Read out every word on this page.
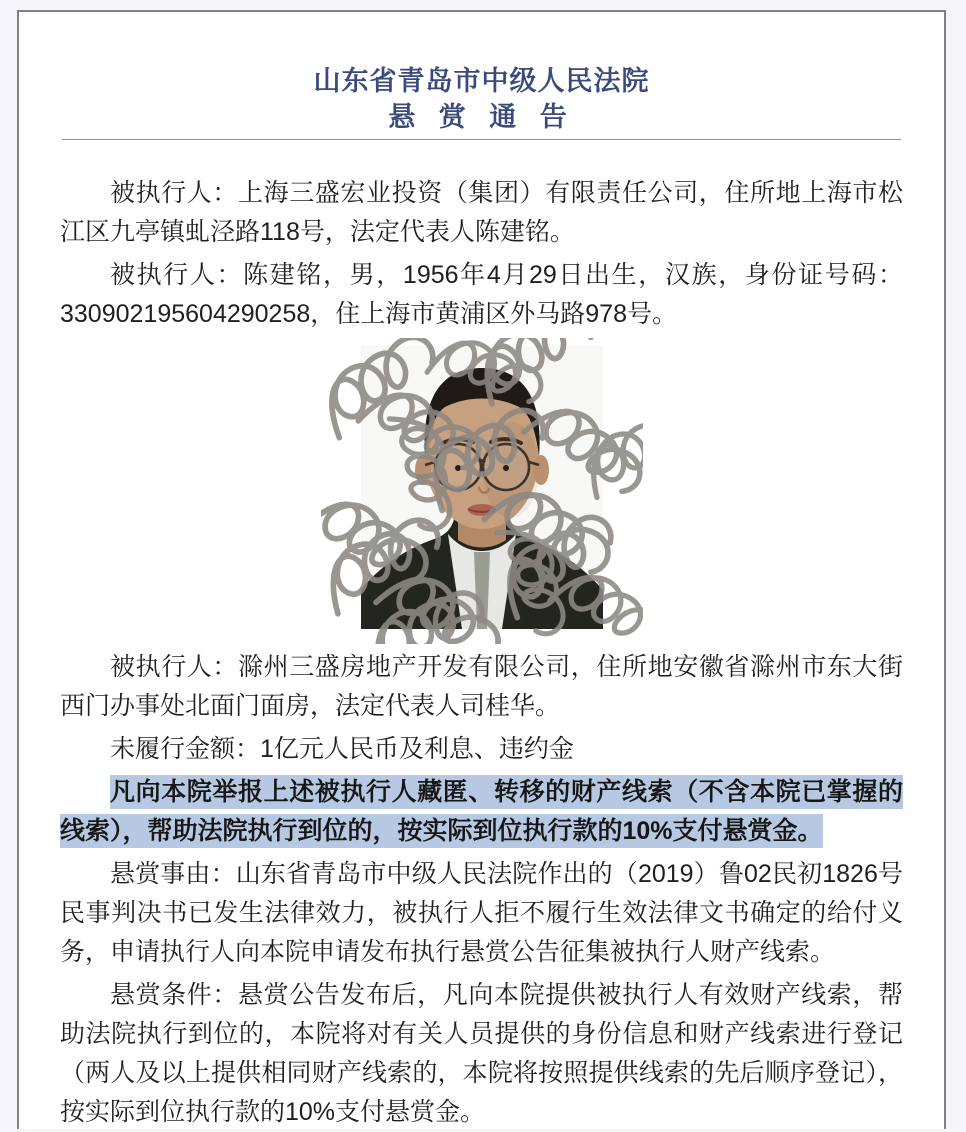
山东省青岛市中级人民法院
悬 赏 通 告

被执行人：上海三盛宏业投资（集团）有限责任公司，住所地上海市松江区九亭镇虬泾路118号，法定代表人陈建铭。

被执行人：陈建铭，男，1956年4月29日出生，汉族，身份证号码：330902195604290258，住上海市黄浦区外马路978号。

被执行人：滁州三盛房地产开发有限公司，住所地安徽省滁州市东大街西门办事处北面门面房，法定代表人司桂华。

未履行金额：1亿元人民币及利息、违约金

凡向本院举报上述被执行人藏匿、转移的财产线索（不含本院已掌握的线索），帮助法院执行到位的，按实际到位执行款的10%支付悬赏金。

悬赏事由：山东省青岛市中级人民法院作出的（2019）鲁02民初1826号民事判决书已发生法律效力，被执行人拒不履行生效法律文书确定的给付义务，申请执行人向本院申请发布执行悬赏公告征集被执行人财产线索。

悬赏条件：悬赏公告发布后，凡向本院提供被执行人有效财产线索，帮助法院执行到位的，本院将对有关人员提供的身份信息和财产线索进行登记（两人及以上提供相同财产线索的，本院将按照提供线索的先后顺序登记），按实际到位执行款的10%支付悬赏金。
